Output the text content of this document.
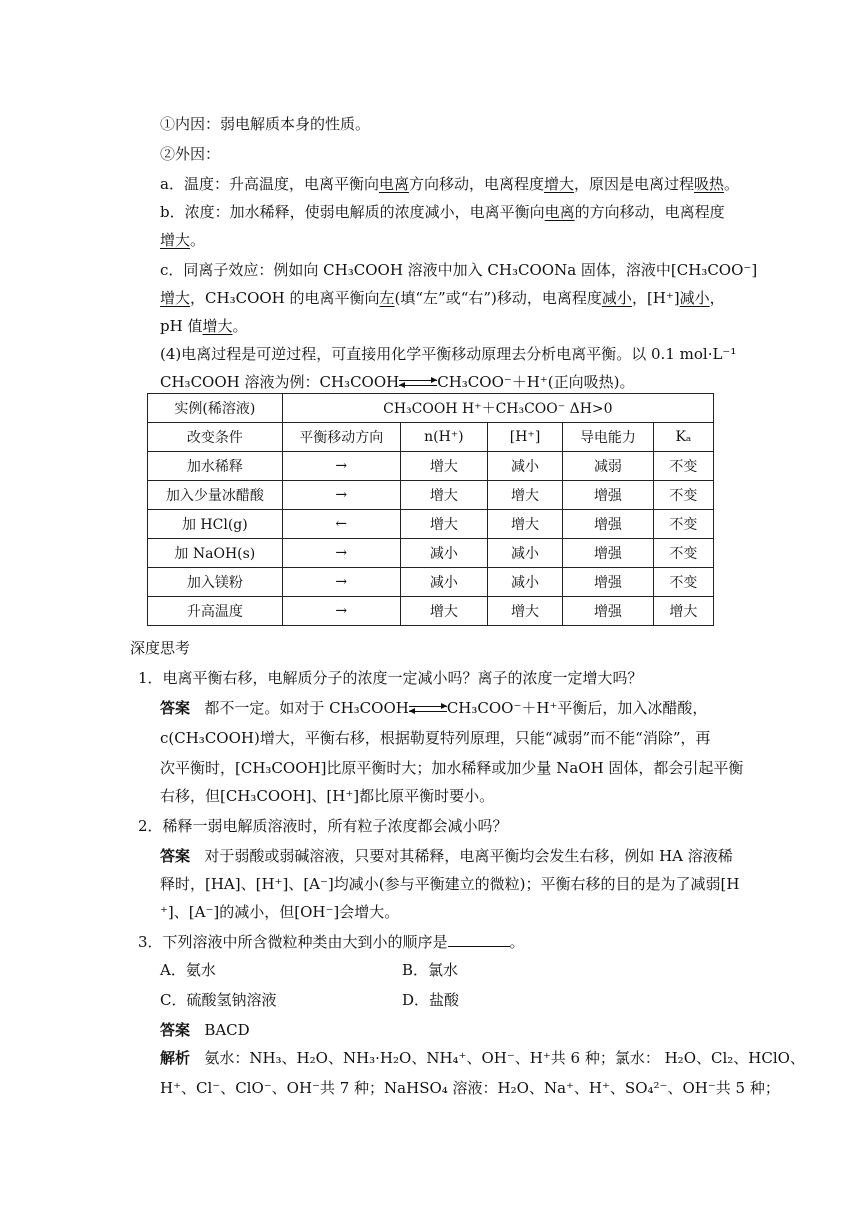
①内因：弱电解质本身的性质。
②外因：
a．温度：升高温度，电离平衡向电离方向移动，电离程度增大，原因是电离过程吸热。
b．浓度：加水稀释，使弱电解质的浓度减小，电离平衡向电离的方向移动，电离程度
增大。
c．同离子效应：例如向 CH₃COOH 溶液中加入 CH₃COONa 固体，溶液中[CH₃COO⁻]
增大，CH₃COOH 的电离平衡向左(填“左”或“右”)移动，电离程度减小，[H⁺]减小，
pH 值增大。
(4)电离过程是可逆过程，可直接用化学平衡移动原理去分析电离平衡。以 0.1 mol·L⁻¹
CH₃COOH 溶液为例：CH₃COOH	CH₃COO⁻＋H⁺(正向吸热)。
实例(稀溶液)	CH₃COOH H⁺＋CH₃COO⁻ ΔH>0				
改变条件	平衡移动方向	n(H⁺)	[H⁺]	导电能力	Kₐ
加水稀释	→	增大	减小	减弱	不变
加入少量冰醋酸	→	增大	增大	增强	不变
加 HCl(g)	←	增大	增大	增强	不变
加 NaOH(s)	→	减小	减小	增强	不变
加入镁粉	→	减小	减小	增强	不变
升高温度	→	增大	增大	增强	增大
深度思考
1．电离平衡右移，电解质分子的浓度一定减小吗？离子的浓度一定增大吗？
答案 都不一定。如对于 CH₃COOH	CH₃COO⁻＋H⁺平衡后，加入冰醋酸，
c(CH₃COOH)增大，平衡右移，根据勒夏特列原理，只能“减弱”而不能“消除”，再
次平衡时，[CH₃COOH]比原平衡时大；加水稀释或加少量 NaOH 固体，都会引起平衡
右移，但[CH₃COOH]、[H⁺]都比原平衡时要小。
2．稀释一弱电解质溶液时，所有粒子浓度都会减小吗？
答案 对于弱酸或弱碱溶液，只要对其稀释，电离平衡均会发生右移，例如 HA 溶液稀
释时，[HA]、[H⁺]、[A⁻]均减小(参与平衡建立的微粒)；平衡右移的目的是为了减弱[H
⁺]、[A⁻]的减小，但[OH⁻]会增大。
3．下列溶液中所含微粒种类由大到小的顺序是	。
A．氨水	B．氯水
C．硫酸氢钠溶液	D．盐酸
答案 BACD
解析 氨水：NH₃、H₂O、NH₃·H₂O、NH₄⁺、OH⁻、H⁺共 6 种；氯水： H₂O、Cl₂、HClO、
H⁺、Cl⁻、ClO⁻、OH⁻共 7 种；NaHSO₄ 溶液：H₂O、Na⁺、H⁺、SO₄²⁻、OH⁻共 5 种；
